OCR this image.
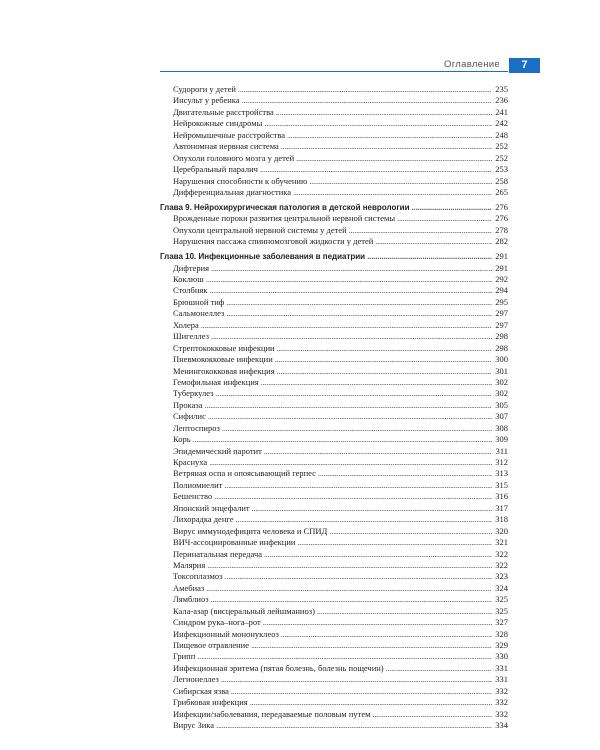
Оглавление	7
Судороги у детей . . .	235
Инсульт у ребенка . . .	236
Двигательные расстройства . . .	241
Нейрокожные синдромы . . .	242
Нейромышечные расстройства . . .	248
Автономная нервная система . . .	252
Опухоли головного мозга у детей . . .	252
Церебральный паралич . . .	253
Нарушения способности к обучению . . .	258
Дифференциальная диагностика . . .	265
Глава 9. Нейрохирургическая патология в детской неврологии . . .	276
Врожденные пороки развития центральной нервной системы . . .	276
Опухоли центральной нервной системы у детей . . .	278
Нарушения пассажа спинномозговой жидкости у детей . . .	282
Глава 10. Инфекционные заболевания в педиатрии . . .	291
Дифтерия . . .	291
Коклюш . . .	292
Столбняк . . .	294
Брюшной тиф . . .	295
Сальмонеллез . . .	297
Холера . . .	297
Шигеллез . . .	298
Стрептококковые инфекции . . .	298
Пневмококковые инфекции . . .	300
Менингококковая инфекция . . .	301
Гемофильная инфекция . . .	302
Туберкулез . . .	302
Проказа . . .	305
Сифилис . . .	307
Лептоспироз . . .	308
Корь . . .	309
Эпидемический паротит . . .	311
Краснуха . . .	312
Ветряная оспа и опоясывающий герпес . . .	313
Полиомиелит . . .	315
Бешенство . . .	316
Японский энцефалит . . .	317
Лихорадка денге . . .	318
Вирус иммунодефицита человека и СПИД . . .	320
ВИЧ-ассоциированные инфекции . . .	321
Перинатальная передача . . .	322
Малярия . . .	322
Токсоплазмоз . . .	323
Амебиаз . . .	324
Лямблиоз . . .	325
Кала-азар (висцеральный лейшманиоз) . . .	325
Синдром рука–нога–рот . . .	327
Инфекционный мононуклеоз . . .	328
Пищевое отравление . . .	329
Грипп . . .	330
Инфекционная эритема (пятая болезнь, болезнь пощечин) . . .	331
Легионеллез . . .	331
Сибирская язва . . .	332
Грибковая инфекция . . .	332
Инфекции/заболевания, передаваемые половым путем . . .	332
Вирус Зика . . .	334
